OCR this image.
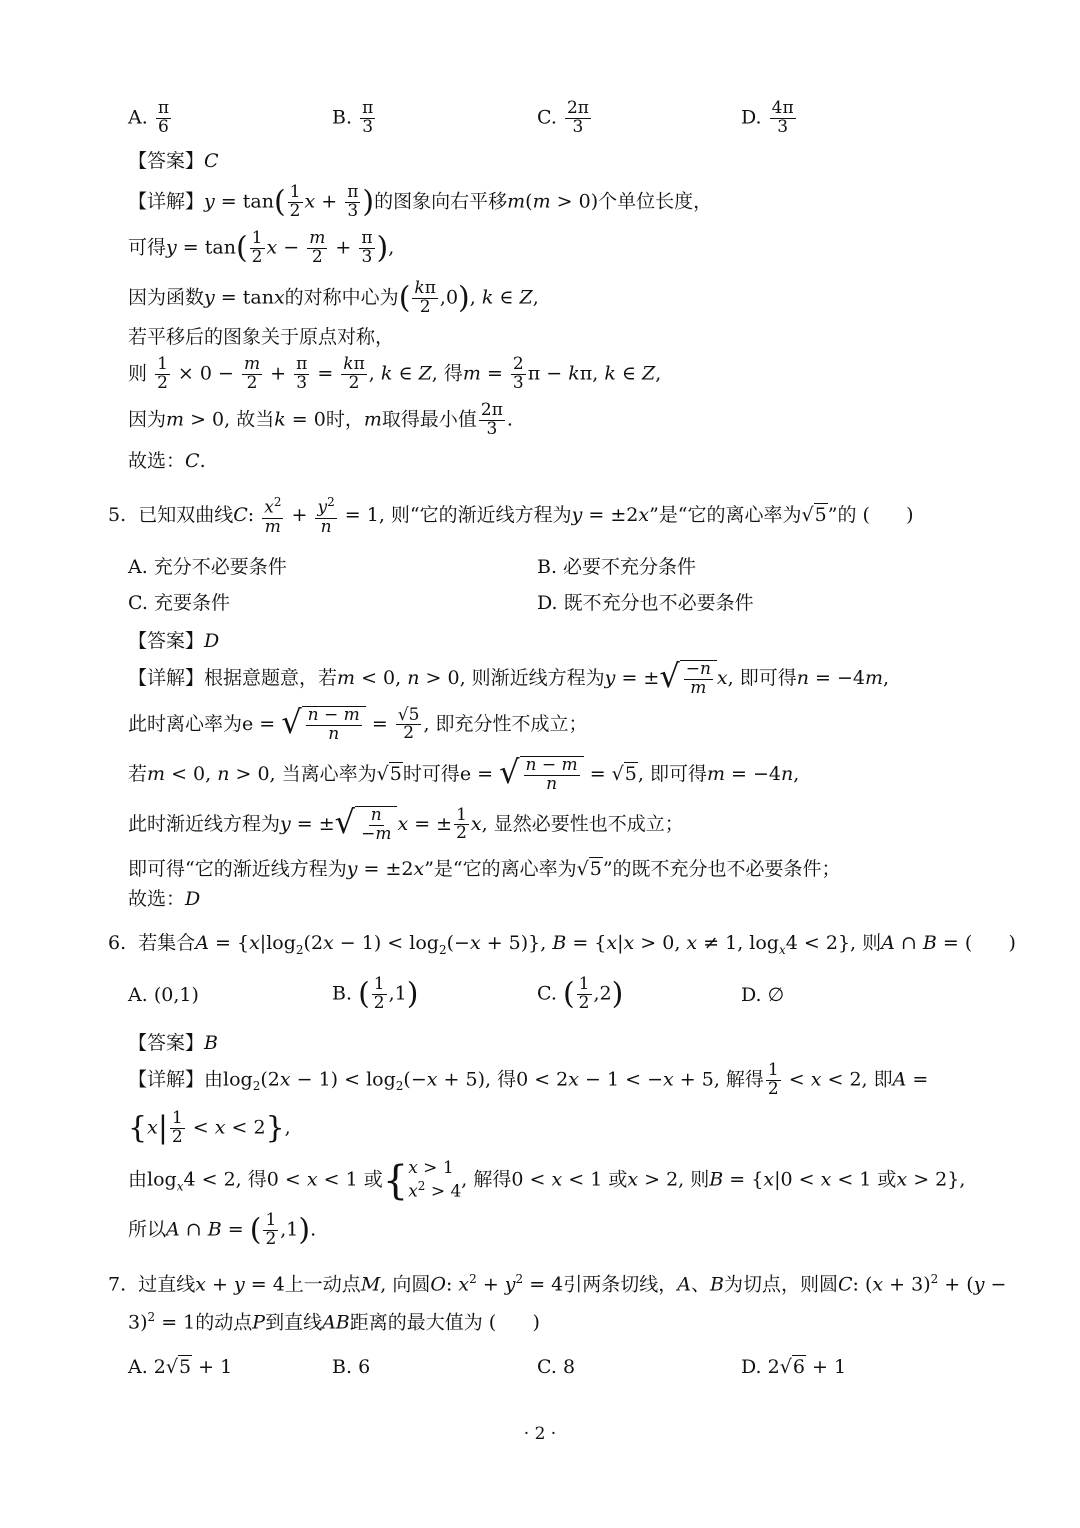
A. $\frac{\pi}{6}$	B. $\frac{\pi}{3}$	C. $\frac{2\pi}{3}$	D. $\frac{4\pi}{3}$
【答案】C
【详解】$y = \tan( \frac{1}{2}$ $x + \frac{\pi}{3}$ )的图象向右平移m(m > 0)个单位长度，
可得$y = \tan( \frac{1}{2}$ $x - \frac{m}{2} + \frac{\pi}{3}$ ),
因为函数y = tanx的对称中心为( $\frac{k\pi}{2} ,0$), k ∈ Z,
若平移后的图象关于原点对称，
则 $\frac{1}{2} \times 0 - \frac{m}{2} + \frac{\pi}{3} = \frac{k\pi}{2}$ , k ∈ Z, 得$m = \frac{2}{3}$ π − kπ, k ∈ Z,
因为m > 0, 故当k = 0时，m取得最小值 $\frac{2\pi}{3}$ .
故选：C.
5. 已知双曲线C: $\frac{x^2}{m} + \frac{y^2}{n} = 1$, 则“它的渐近线方程为y = ±2x”是“它的离心率为√5”的 ( )
A. 充分不必要条件	B. 必要不充分条件
C. 充要条件	D. 既不充分也不必要条件
【答案】D
【详解】根据意题意，若m < 0, n > 0, 则渐近线方程为y = ± √ $\frac{-n}{m} x$, 即可得n = −4m,
此时离心率为e = √ $\frac{n - m}{n} = \frac{√5}{2}$ , 即充分性不成立；
若m < 0, n > 0, 当离心率为√5时可得e = √ $\frac{n - m}{n} = √5$, 即可得m = −4n,
此时渐近线方程为y = ± √ $\frac{n}{-m}$ x = ± $\frac{1}{2} x$, 显然必要性也不成立；
即可得“它的渐近线方程为y = ±2x”是“它的离心率为√5”的既不充分也不必要条件；
故选：D
6. 若集合$A = \{x|\log_2(2x - 1) < \log_2(-x + 5)\}$, B = {x|x > 0, x ≠ 1, $\log_x4 < 2$}, 则A ∩ B = ( )
A. (0,1)	B. ( $\frac{1}{2} ,1$)	C. ( $\frac{1}{2} ,2$)	D. ∅
【答案】B
【详解】由$\log_2(2x - 1) < \log_2(-x + 5)$, 得0 < 2x − 1 < −x + 5, 解得 $\frac{1}{2} < x < 2$, 即A =
$\{x| \frac{1}{2} < x < 2\}$,
由$\log_x4 < 2$, 得0 < x < 1 或 { x > 1
$x^2 > 4$
, 解得0 < x < 1 或x > 2, 则B = {x|0 < x < 1 或x > 2},
所以A ∩ B = ( $\frac{1}{2} ,1$).
7. 过直线x + y = 4上一动点M, 向圆O: $x^2 + y^2 = 4$引两条切线，A、B为切点，则圆C: $(x + 3)^2 + (y$ −
3)$^2$ = 1的动点P到直线AB距离的最大值为 ( )
A. 2√5 + 1	B. 6	C. 8	D. 2√6 + 1
· 2 ·
